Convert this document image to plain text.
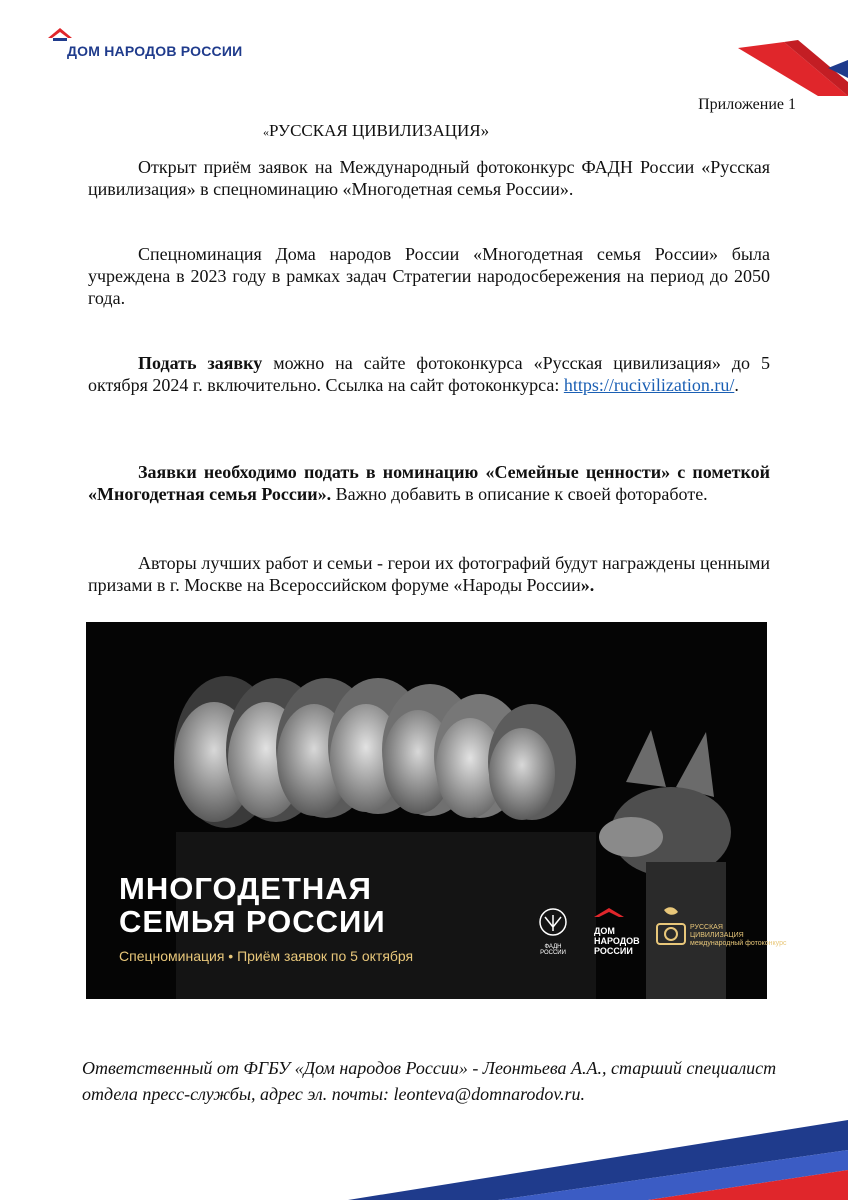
ДОМ НАРОДОВ РОССИИ
Приложение 1
«РУССКАЯ ЦИВИЛИЗАЦИЯ»

Открыт приём заявок на Международный фотоконкурс ФАДН России «Русская цивилизация» в спецноминацию «Многодетная семья России».

Спецноминация Дома народов России «Многодетная семья России» была учреждена в 2023 году в рамках задач Стратегии народосбережения на период до 2050 года.

Подать заявку можно на сайте фотоконкурса «Русская цивилизация» до 5 октября 2024 г. включительно. Ссылка на сайт фотоконкурса: https://rucivilization.ru/.

Заявки необходимо подать в номинацию «Семейные ценности» с пометкой «Многодетная семья России». Важно добавить в описание к своей фотоработе.

Авторы лучших работ и семьи - герои их фотографий будут награждены ценными призами в г. Москве на Всероссийском форуме «Народы России».

МНОГОДЕТНАЯ
СЕМЬЯ РОССИИ
Спецноминация • Приём заявок по 5 октября
ФАДН РОССИИ
ДОМ
НАРОДОВ
РОССИИ
РУССКАЯ
ЦИВИЛИЗАЦИЯ
международный фотоконкурс

Ответственный от ФГБУ «Дом народов России» - Леонтьева А.А., старший специалист отдела пресс-службы, адрес эл. почты: leonteva@domnarodov.ru.
